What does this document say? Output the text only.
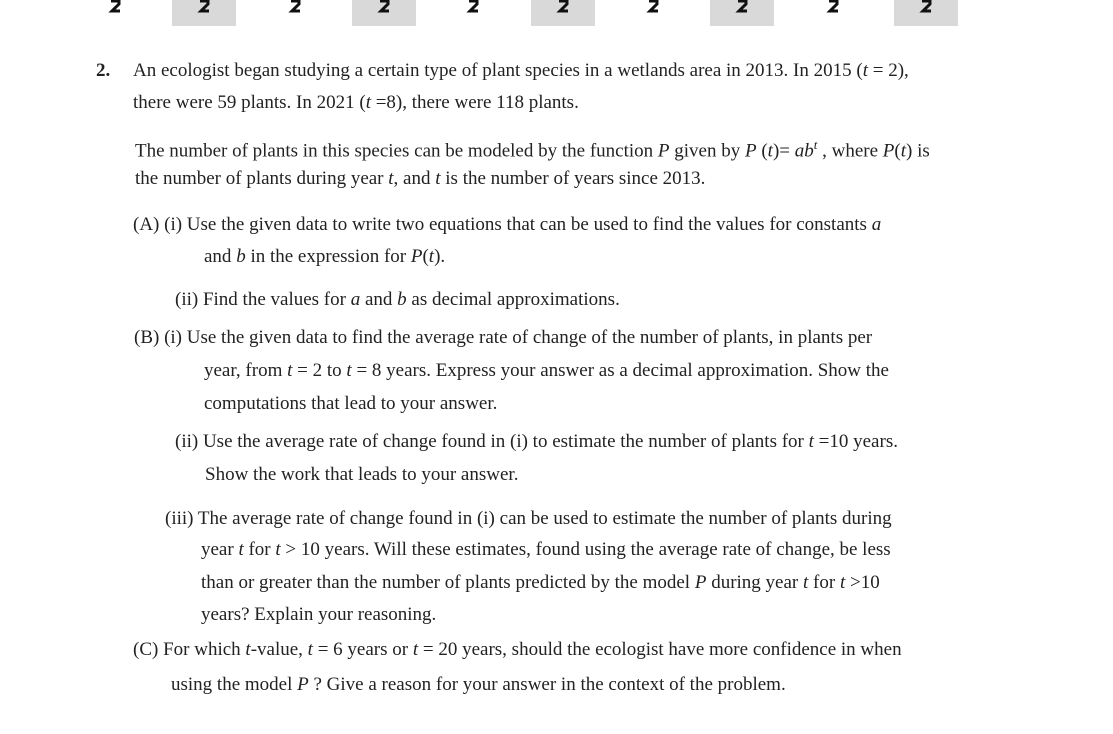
2. An ecologist began studying a certain type of plant species in a wetlands area in 2013. In 2015 (t = 2),
there were 59 plants. In 2021 (t =8), there were 118 plants.
The number of plants in this species can be modeled by the function P given by P $(t)= ab^t$ , where P(t) is
the number of plants during year t, and t is the number of years since 2013.
(A) (i) Use the given data to write two equations that can be used to find the values for constants a
and b in the expression for P(t).
(ii) Find the values for a and b as decimal approximations.
(B) (i) Use the given data to find the average rate of change of the number of plants, in plants per
year, from t = 2 to t = 8 years. Express your answer as a decimal approximation. Show the
computations that lead to your answer.
(ii) Use the average rate of change found in (i) to estimate the number of plants for t =10 years.
Show the work that leads to your answer.
(iii) The average rate of change found in (i) can be used to estimate the number of plants during
year t for t > 10 years. Will these estimates, found using the average rate of change, be less
than or greater than the number of plants predicted by the model P during year t for t >10
years? Explain your reasoning.
(C) For which t-value, t = 6 years or t = 20 years, should the ecologist have more confidence in when
using the model P ? Give a reason for your answer in the context of the problem.
